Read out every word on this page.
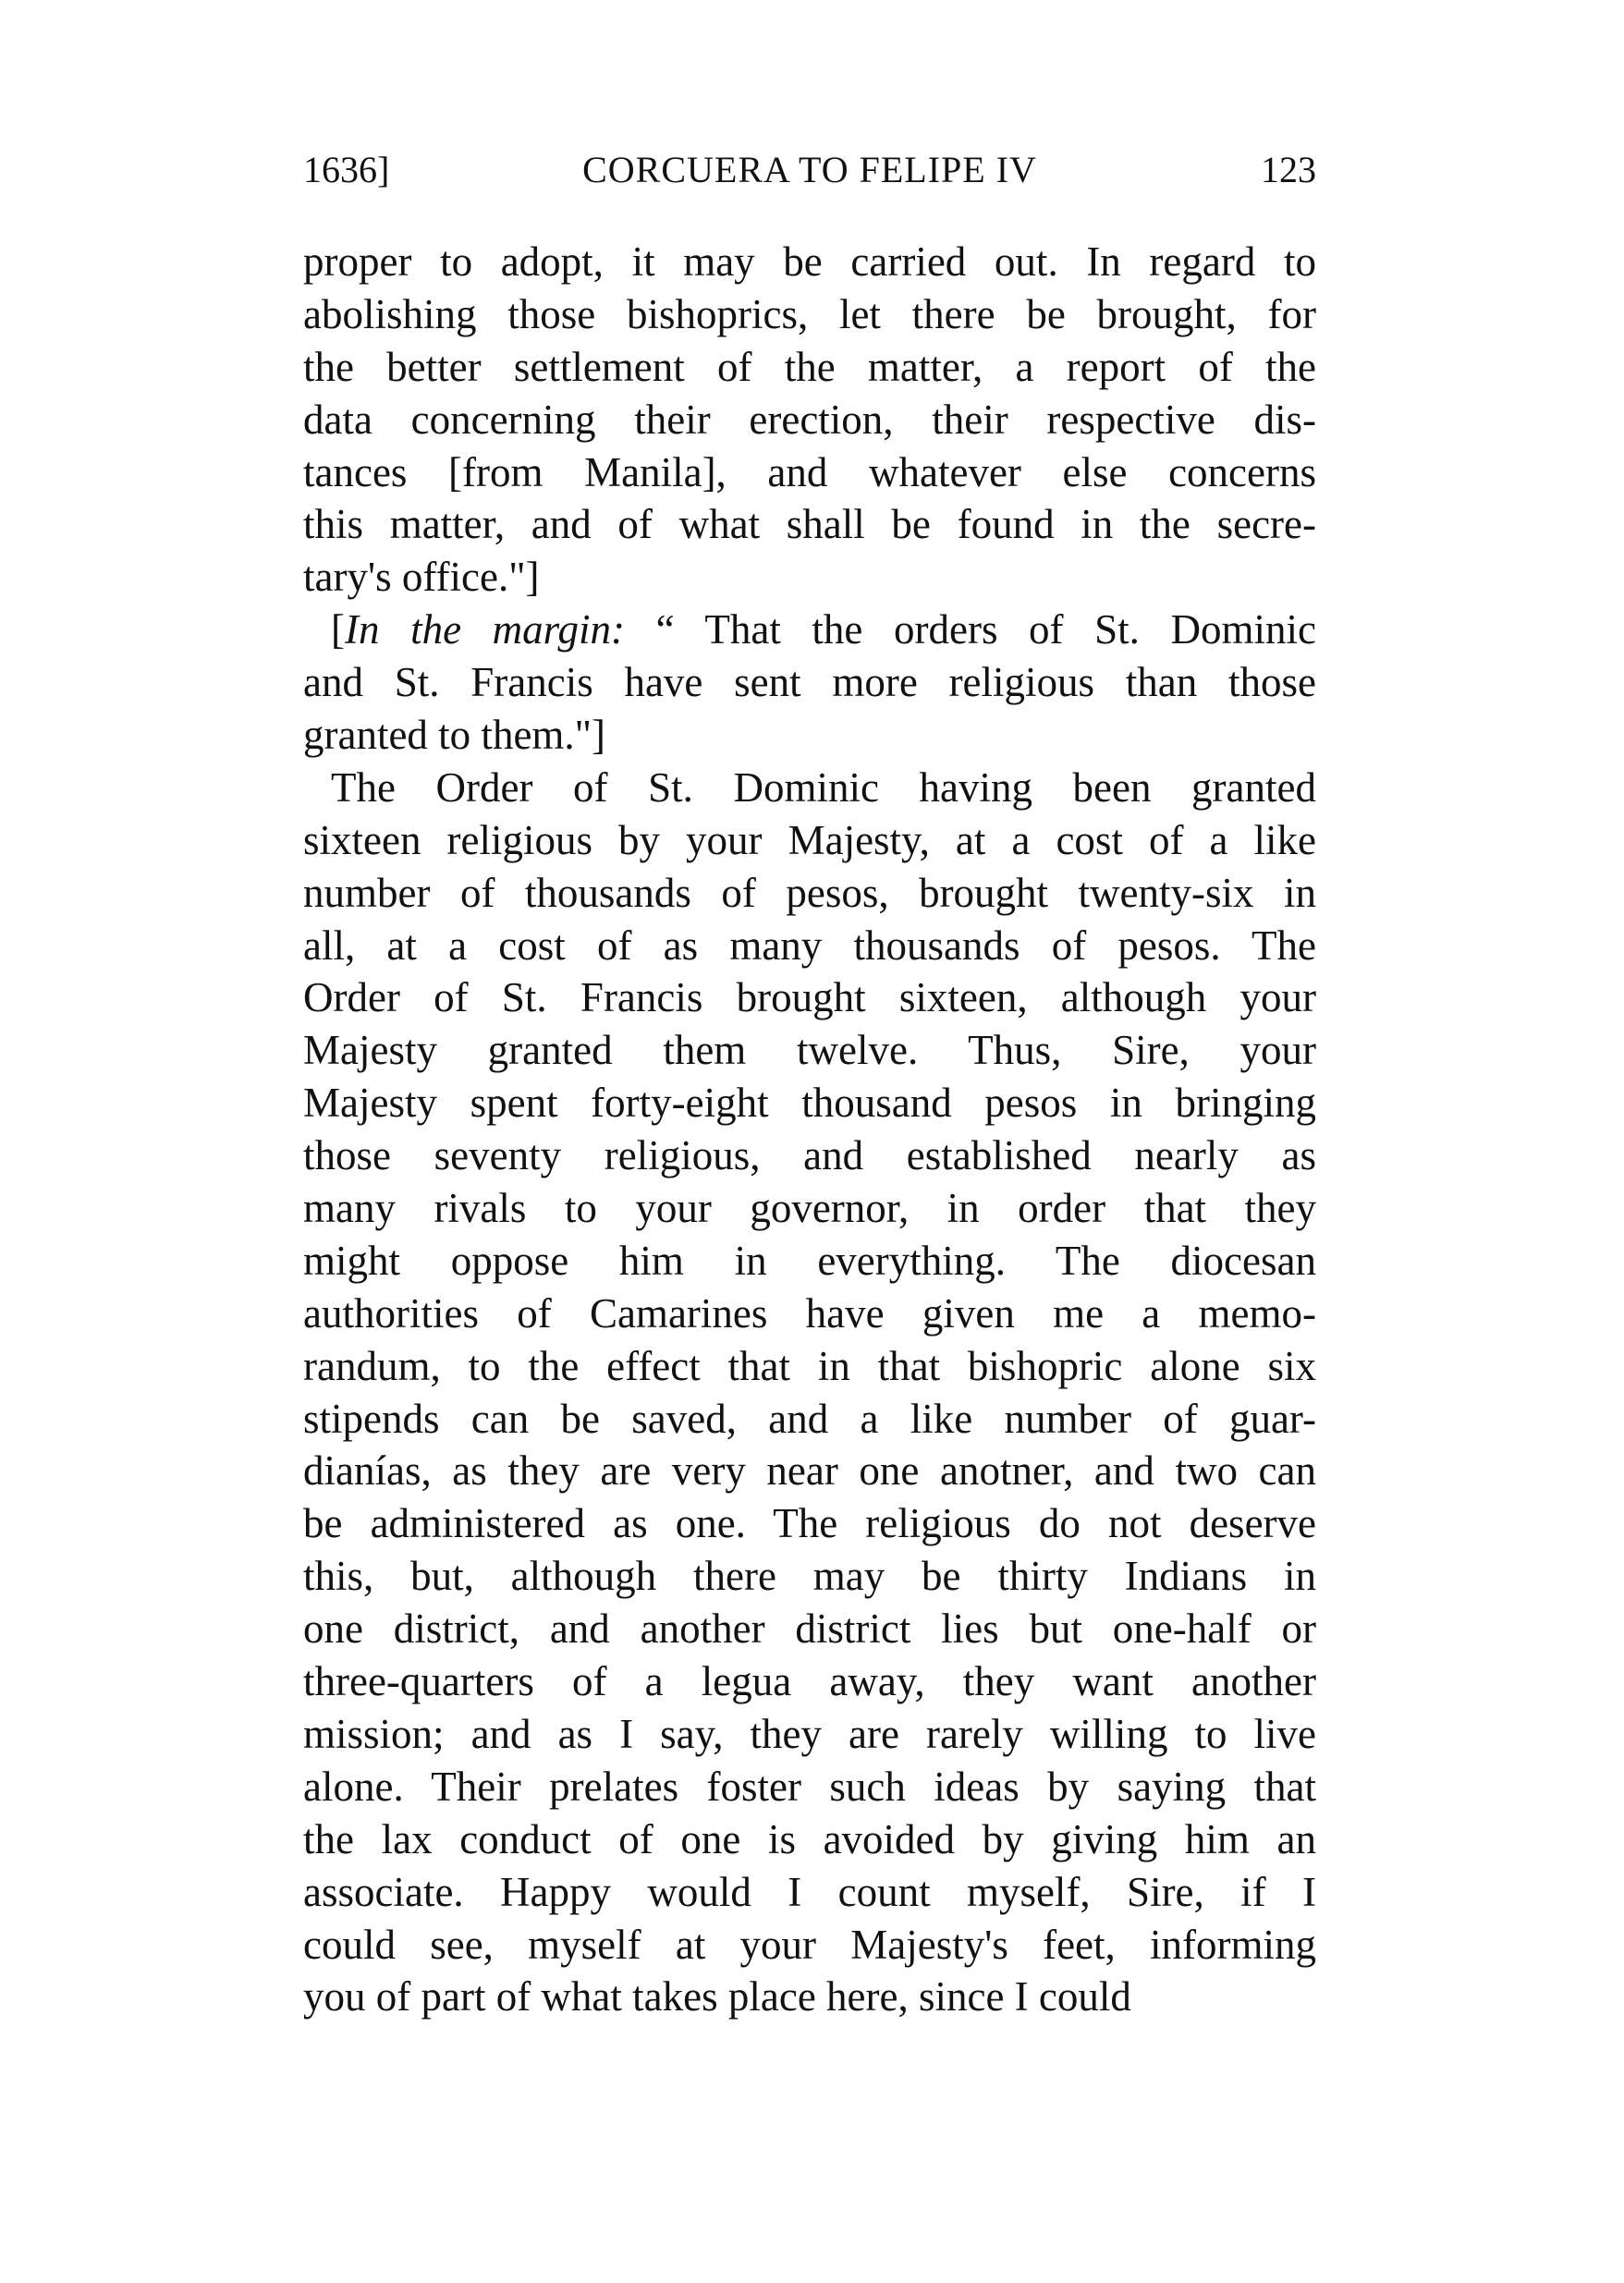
1636]	CORCUERA TO FELIPE IV	123
proper to adopt, it may be carried out. In regard to
abolishing those bishoprics, let there be brought, for
the better settlement of the matter, a report of the
data concerning their erection, their respective dis-
tances [from Manila], and whatever else concerns
this matter, and of what shall be found in the secre-
tary's office."]
[In the margin: “ That the orders of St. Dominic
and St. Francis have sent more religious than those
granted to them."]
The Order of St. Dominic having been granted
sixteen religious by your Majesty, at a cost of a like
number of thousands of pesos, brought twenty-six in
all, at a cost of as many thousands of pesos. The
Order of St. Francis brought sixteen, although your
Majesty granted them twelve. Thus, Sire, your
Majesty spent forty-eight thousand pesos in bringing
those seventy religious, and established nearly as
many rivals to your governor, in order that they
might oppose him in everything. The diocesan
authorities of Camarines have given me a memo-
randum, to the effect that in that bishopric alone six
stipends can be saved, and a like number of guar-
dianías, as they are very near one anotner, and two can
be administered as one. The religious do not deserve
this, but, although there may be thirty Indians in
one district, and another district lies but one-half or
three-quarters of a legua away, they want another
mission; and as I say, they are rarely willing to live
alone. Their prelates foster such ideas by saying that
the lax conduct of one is avoided by giving him an
associate. Happy would I count myself, Sire, if I
could see, myself at your Majesty's feet, informing
you of part of what takes place here, since I could
